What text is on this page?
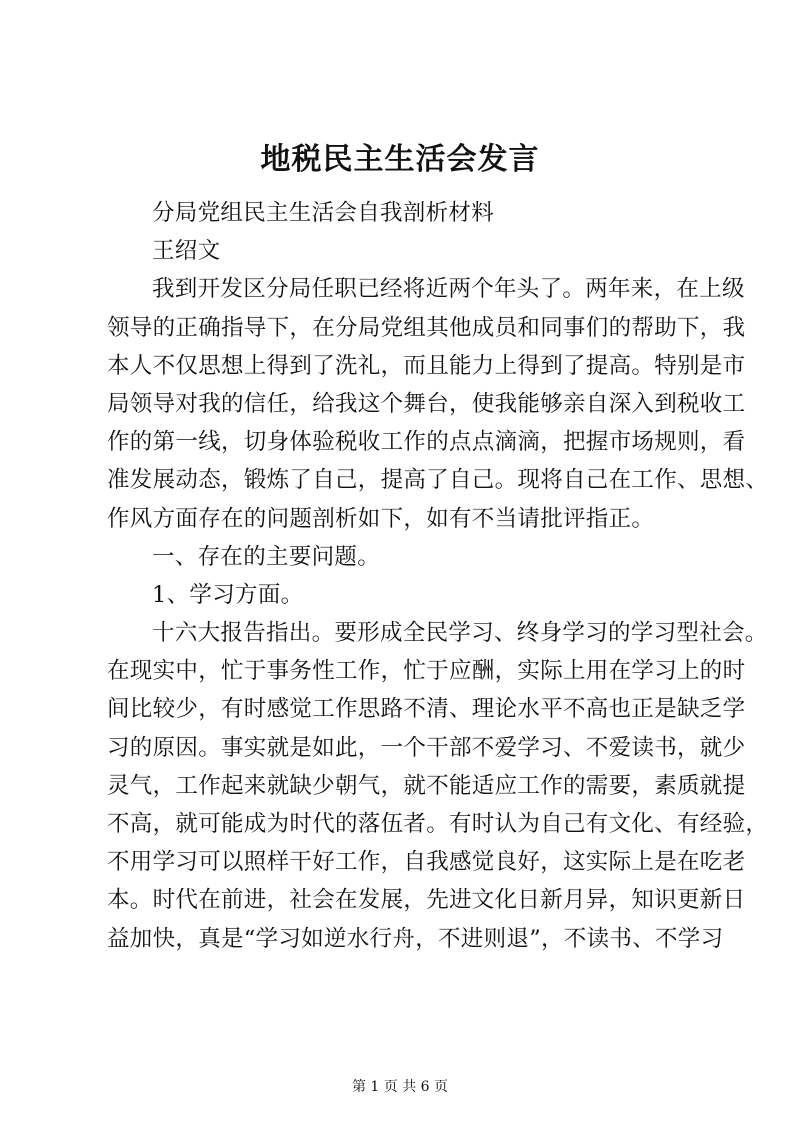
地税民主生活会发言
分局党组民主生活会自我剖析材料
王绍文
我到开发区分局任职已经将近两个年头了。两年来，在上级
领导的正确指导下，在分局党组其他成员和同事们的帮助下，我
本人不仅思想上得到了洗礼，而且能力上得到了提高。特别是市
局领导对我的信任，给我这个舞台，使我能够亲自深入到税收工
作的第一线，切身体验税收工作的点点滴滴，把握市场规则，看
准发展动态，锻炼了自己，提高了自己。现将自己在工作、思想、
作风方面存在的问题剖析如下，如有不当请批评指正。
一、存在的主要问题。
1、学习方面。
十六大报告指出。要形成全民学习、终身学习的学习型社会。
在现实中，忙于事务性工作，忙于应酬，实际上用在学习上的时
间比较少，有时感觉工作思路不清、理论水平不高也正是缺乏学
习的原因。事实就是如此，一个干部不爱学习、不爱读书，就少
灵气，工作起来就缺少朝气，就不能适应工作的需要，素质就提
不高，就可能成为时代的落伍者。有时认为自己有文化、有经验，
不用学习可以照样干好工作，自我感觉良好，这实际上是在吃老
本。时代在前进，社会在发展，先进文化日新月异，知识更新日
益加快，真是“学习如逆水行舟，不进则退”，不读书、不学习
第 1 页 共 6 页
